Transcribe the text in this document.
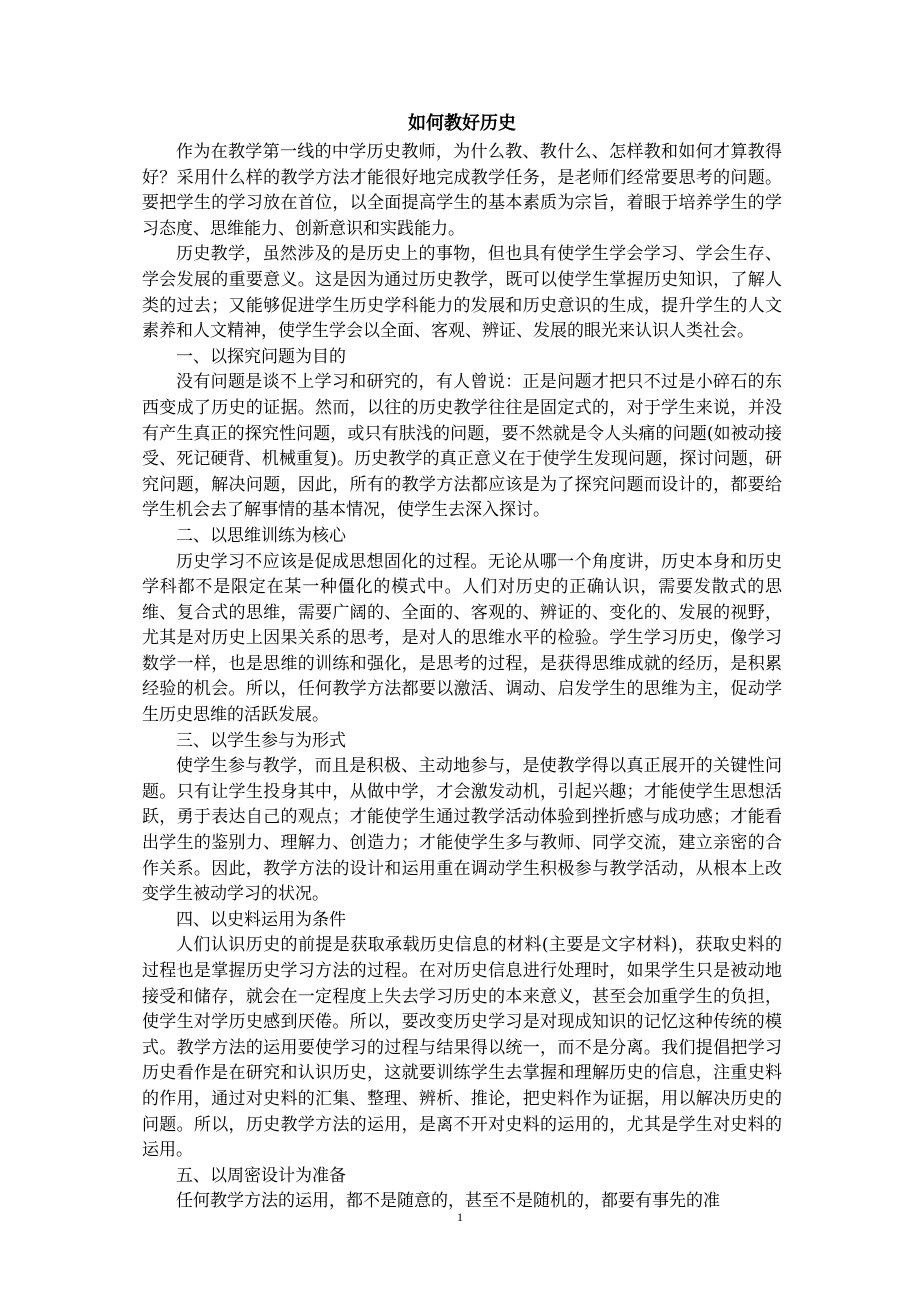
如何教好历史

作为在教学第一线的中学历史教师，为什么教、教什么、怎样教和如何才算教得好？采用什么样的教学方法才能很好地完成教学任务，是老师们经常要思考的问题。要把学生的学习放在首位，以全面提高学生的基本素质为宗旨，着眼于培养学生的学习态度、思维能力、创新意识和实践能力。

历史教学，虽然涉及的是历史上的事物，但也具有使学生学会学习、学会生存、学会发展的重要意义。这是因为通过历史教学，既可以使学生掌握历史知识，了解人类的过去；又能够促进学生历史学科能力的发展和历史意识的生成，提升学生的人文素养和人文精神，使学生学会以全面、客观、辨证、发展的眼光来认识人类社会。

一、以探究问题为目的

没有问题是谈不上学习和研究的，有人曾说：正是问题才把只不过是小碎石的东西变成了历史的证据。然而，以往的历史教学往往是固定式的，对于学生来说，并没有产生真正的探究性问题，或只有肤浅的问题，要不然就是令人头痛的问题(如被动接受、死记硬背、机械重复)。历史教学的真正意义在于使学生发现问题，探讨问题，研究问题，解决问题，因此，所有的教学方法都应该是为了探究问题而设计的，都要给学生机会去了解事情的基本情况，使学生去深入探讨。

二、以思维训练为核心

历史学习不应该是促成思想固化的过程。无论从哪一个角度讲，历史本身和历史学科都不是限定在某一种僵化的模式中。人们对历史的正确认识，需要发散式的思维、复合式的思维，需要广阔的、全面的、客观的、辨证的、变化的、发展的视野，尤其是对历史上因果关系的思考，是对人的思维水平的检验。学生学习历史，像学习数学一样，也是思维的训练和强化，是思考的过程，是获得思维成就的经历，是积累经验的机会。所以，任何教学方法都要以激活、调动、启发学生的思维为主，促动学生历史思维的活跃发展。

三、以学生参与为形式

使学生参与教学，而且是积极、主动地参与，是使教学得以真正展开的关键性问题。只有让学生投身其中，从做中学，才会激发动机，引起兴趣；才能使学生思想活跃，勇于表达自己的观点；才能使学生通过教学活动体验到挫折感与成功感；才能看出学生的鉴别力、理解力、创造力；才能使学生多与教师、同学交流，建立亲密的合作关系。因此，教学方法的设计和运用重在调动学生积极参与教学活动，从根本上改变学生被动学习的状况。

四、以史料运用为条件

人们认识历史的前提是获取承载历史信息的材料(主要是文字材料)，获取史料的过程也是掌握历史学习方法的过程。在对历史信息进行处理时，如果学生只是被动地接受和储存，就会在一定程度上失去学习历史的本来意义，甚至会加重学生的负担，使学生对学历史感到厌倦。所以，要改变历史学习是对现成知识的记忆这种传统的模式。教学方法的运用要使学习的过程与结果得以统一，而不是分离。我们提倡把学习历史看作是在研究和认识历史，这就要训练学生去掌握和理解历史的信息，注重史料的作用，通过对史料的汇集、整理、辨析、推论，把史料作为证据，用以解决历史的问题。所以，历史教学方法的运用，是离不开对史料的运用的，尤其是学生对史料的运用。

五、以周密设计为准备

任何教学方法的运用，都不是随意的，甚至不是随机的，都要有事先的准

1
